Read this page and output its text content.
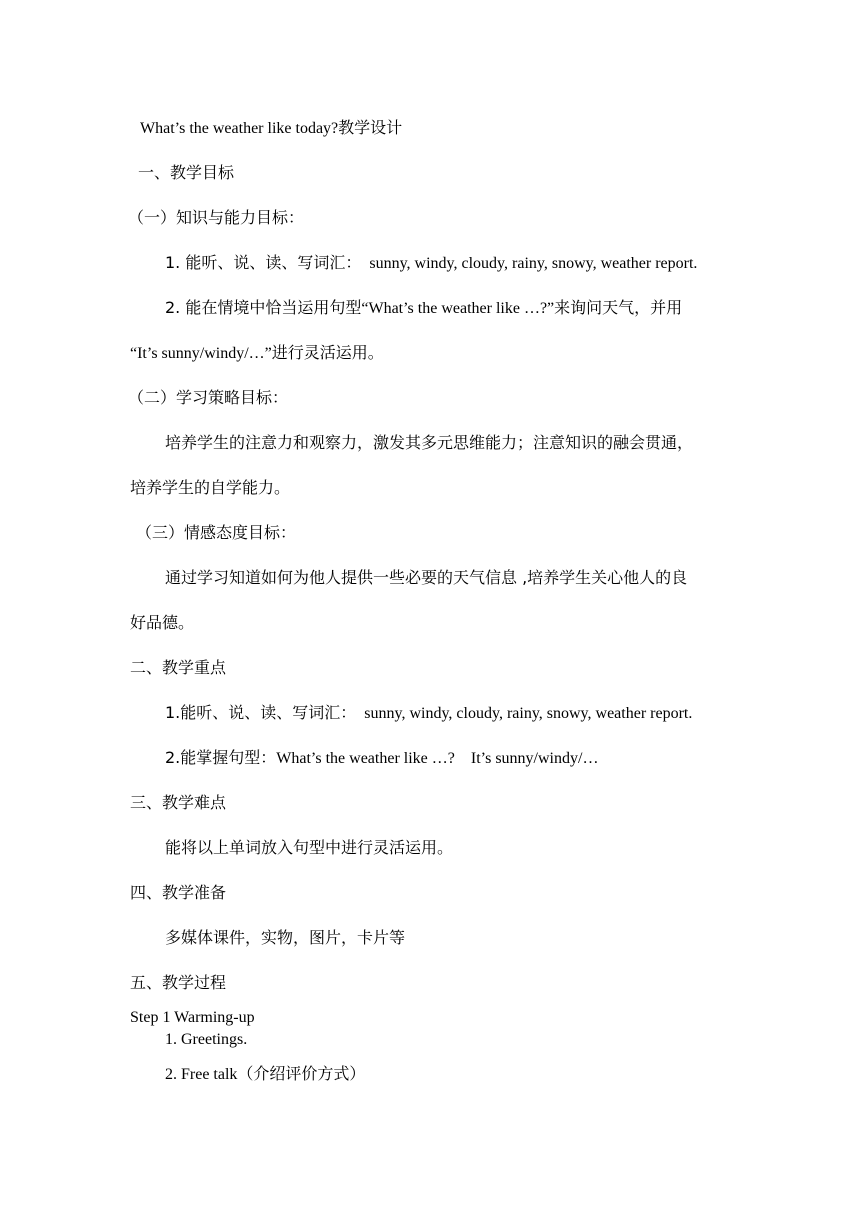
What’s the weather like today?教学设计
一、教学目标
（一）知识与能力目标：
1. 能听、说、读、写词汇： sunny, windy, cloudy, rainy, snowy, weather report.
2. 能在情境中恰当运用句型“What’s the weather like …?”来询问天气，并用
“It’s sunny/windy/…”进行灵活运用。
（二）学习策略目标：
培养学生的注意力和观察力，激发其多元思维能力；注意知识的融会贯通，
培养学生的自学能力。
（三）情感态度目标：
通过学习知道如何为他人提供一些必要的天气信息 ,培养学生关心他人的良
好品德。
二、教学重点
1.能听、说、读、写词汇： sunny, windy, cloudy, rainy, snowy, weather report.
2.能掌握句型：What’s the weather like …?　It’s sunny/windy/…
三、教学难点
能将以上单词放入句型中进行灵活运用。
四、教学准备
多媒体课件，实物，图片，卡片等
五、教学过程
Step 1 Warming-up
1. Greetings.
2. Free talk（介绍评价方式）
